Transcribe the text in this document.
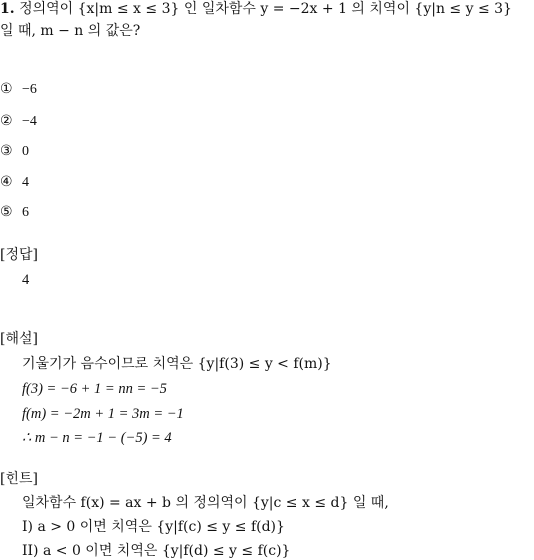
1. 정의역이 {x|m ≤ x ≤ 3} 인 일차함수 y = −2x + 1 의 치역이 {y|n ≤ y ≤ 3}
일 때, m − n 의 값은?
① −6
② −4
③ 0
④ 4
⑤ 6
[정답]
4
[해설]
기울기가 음수이므로 치역은 {y|f(3) ≤ y < f(m)}
f(3) = −6 + 1 = nn = −5
f(m) = −2m + 1 = 3m = −1
∴ m − n = −1 − (−5) = 4
[힌트]
일차함수 f(x) = ax + b 의 정의역이 {y|c ≤ x ≤ d} 일 때,
I) a > 0 이면 치역은 {y|f(c) ≤ y ≤ f(d)}
II) a < 0 이면 치역은 {y|f(d) ≤ y ≤ f(c)}
